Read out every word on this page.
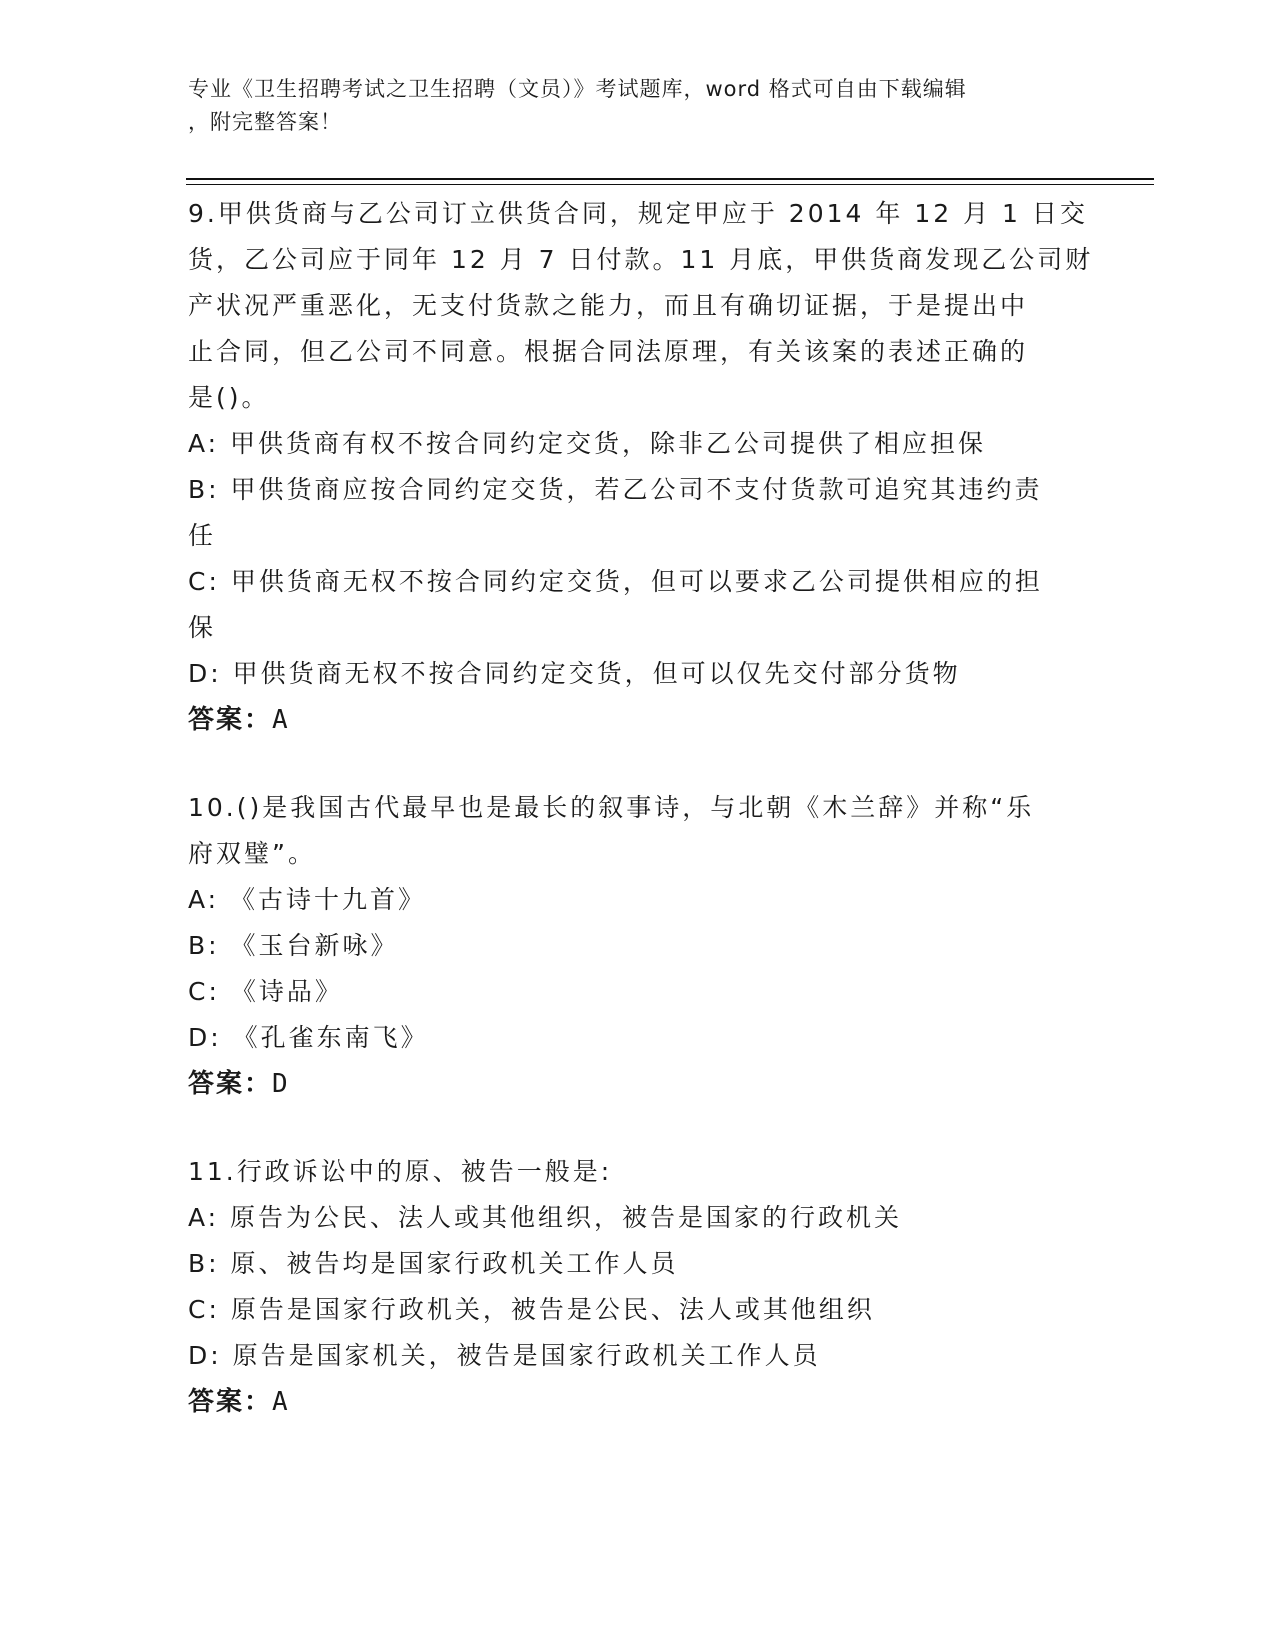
专业《卫生招聘考试之卫生招聘（文员）》考试题库，word 格式可自由下载编辑
，附完整答案！
9.甲供货商与乙公司订立供货合同，规定甲应于 2014 年 12 月 1 日交
货，乙公司应于同年 12 月 7 日付款。11 月底，甲供货商发现乙公司财
产状况严重恶化，无支付货款之能力，而且有确切证据，于是提出中
止合同，但乙公司不同意。根据合同法原理，有关该案的表述正确的
是()。
A: 甲供货商有权不按合同约定交货，除非乙公司提供了相应担保
B: 甲供货商应按合同约定交货，若乙公司不支付货款可追究其违约责
任
C: 甲供货商无权不按合同约定交货，但可以要求乙公司提供相应的担
保
D: 甲供货商无权不按合同约定交货，但可以仅先交付部分货物
答案：A
10.()是我国古代最早也是最长的叙事诗，与北朝《木兰辞》并称“乐
府双璧”。
A: 《古诗十九首》
B: 《玉台新咏》
C: 《诗品》
D: 《孔雀东南飞》
答案：D
11.行政诉讼中的原、被告一般是:
A: 原告为公民、法人或其他组织，被告是国家的行政机关
B: 原、被告均是国家行政机关工作人员
C: 原告是国家行政机关，被告是公民、法人或其他组织
D: 原告是国家机关，被告是国家行政机关工作人员
答案：A
